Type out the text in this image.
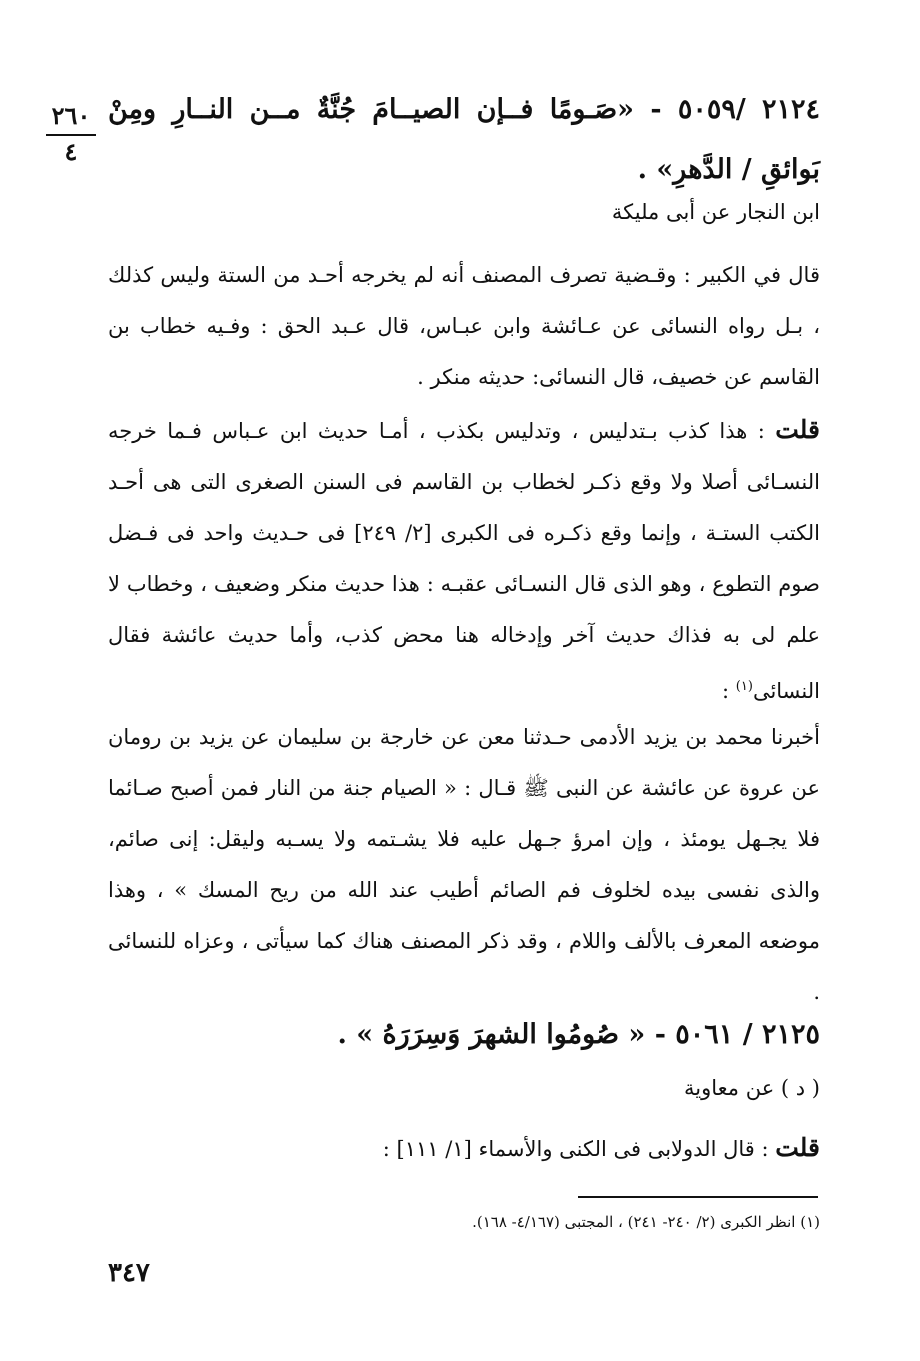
٢٦٠
٤
٢١٢٤ /٥٠٥٩ - «صَـومًا فــإن الصيــامَ جُنَّةٌ مــن النــارِ ومِنْ بَوائقِ / الدَّهرِ» .
ابن النجار عن أبى مليكة
قال في الكبير : وقـضية تصرف المصنف أنه لم يخرجه أحـد من الستة وليس كذلك ، بـل رواه النسائى عن عـائشة وابن عبـاس، قال عـبد الحق : وفـيه خطاب بن القاسم عن خصيف، قال النسائى: حديثه منكر .
قلت : هذا كذب بـتدليس ، وتدليس بكذب ، أمـا حديث ابن عـباس فـما خرجه النسـائى أصلا ولا وقع ذكـر لخطاب بن القاسم فى السنن الصغرى التى هى أحـد الكتب الستـة ، وإنما وقع ذكـره فى الكبرى [٢/ ٢٤٩] فى حـديث واحد فى فـضل صوم التطوع ، وهو الذى قال النسـائى عقبـه : هذا حديث منكر وضعيف ، وخطاب لا علم لى به فذاك حديث آخر وإدخاله هنا محض كذب، وأما حديث عائشة فقال النسائى$^{(١)}$ :
أخبرنا محمد بن يزيد الأدمى حـدثنا معن عن خارجة بن سليمان عن يزيد بن رومان عن عروة عن عائشة عن النبى ﷺ قـال : « الصيام جنة من النار فمن أصبح صـائما فلا يجـهل يومئذ ، وإن امرؤ جـهل عليه فلا يشـتمه ولا يسـبه وليقل: إنى صائم، والذى نفسى بيده لخلوف فم الصائم أطيب عند الله من ريح المسك » ، وهذا موضعه المعرف بالألف واللام ، وقد ذكر المصنف هناك كما سيأتى ، وعزاه للنسائى .
٢١٢٥ / ٥٠٦١ - « صُومُوا الشهرَ وَسِرَرَهُ » .
( د ) عن معاوية
قلت : قال الدولابى فى الكنى والأسماء [١/ ١١١] :
(١) انظر الكبرى (٢/ ٢٤٠- ٢٤١) ، المجتبى (٤/١٦٧- ١٦٨).
٣٤٧
